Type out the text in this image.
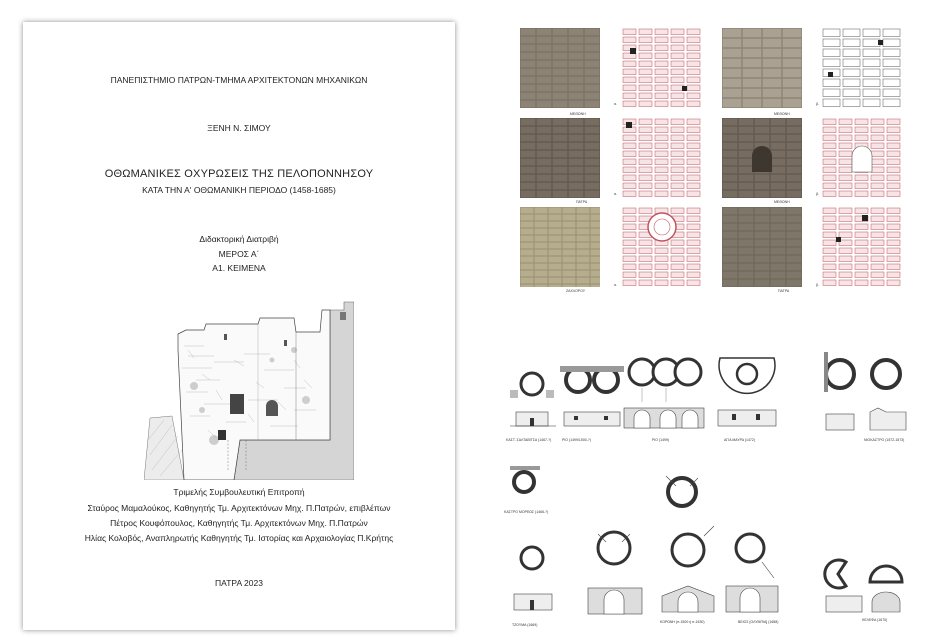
ΠΑΝΕΠΙΣΤΗΜΙΟ ΠΑΤΡΩΝ-ΤΜΗΜΑ ΑΡΧΙΤΕΚΤΟΝΩΝ ΜΗΧΑΝΙΚΩΝ
ΞΕΝΗ Ν. ΣΙΜΟΥ
ΟΘΩΜΑΝΙΚΕΣ ΟΧΥΡΩΣΕΙΣ ΤΗΣ ΠΕΛΟΠΟΝΝΗΣΟΥ
ΚΑΤΑ ΤΗΝ Α' ΟΘΩΜΑΝΙΚΗ ΠΕΡΙΟΔΟ (1458-1685)
Διδακτορική Διατριβή
ΜΕΡΟΣ Α΄
Α1. ΚΕΙΜΕΝΑ
Τριμελής Συμβουλευτική Επιτροπή
Σταύρος Μαμαλούκος, Καθηγητής Τμ. Αρχιτεκτόνων Μηχ. Π.Πατρών, επιβλέπων
Πέτρος Κουφόπουλος, Καθηγητής Τμ. Αρχιτεκτόνων Μηχ. Π.Πατρών
Ηλίας Κολοβός, Αναπληρωτής Καθηγητής Τμ. Ιστορίας και Αρχαιολογίας Π.Κρήτης
ΠΑΤΡΑ 2023
ΜΕΘΩΝΗ
α.
ΜΕΘΩΝΗ
β.
ΠΑΤΡΑ
α.
ΜΕΘΩΝΗ
β.
ΖΑΧΛΟΡΟΥ
α.
ΠΑΤΡΑ
β.
ΚΑΣΤ. ΣΑΛΤΑΒΙΤΣΑ (1467-?)	ΡΙΟ (1499/1500-?)	ΡΙΟ (1499)	ΑΓΙΑ ΜΑΥΡΑ (1472)	ΝΙΟΚΑΣΤΡΟ (1572-1573)
ΚΑΣΤΡΟ ΜΟΡΕΩΣ (1466-?)
ΤΖΟΥΜΑ (1669)
ΚΟΡΩΝΗ (π.1500 ή π.1530)	ΒΕΙΟΣ [ΟΛΥΜΠΙΑ] (1658)	ΚΕΛΕΦΑ (1670)
